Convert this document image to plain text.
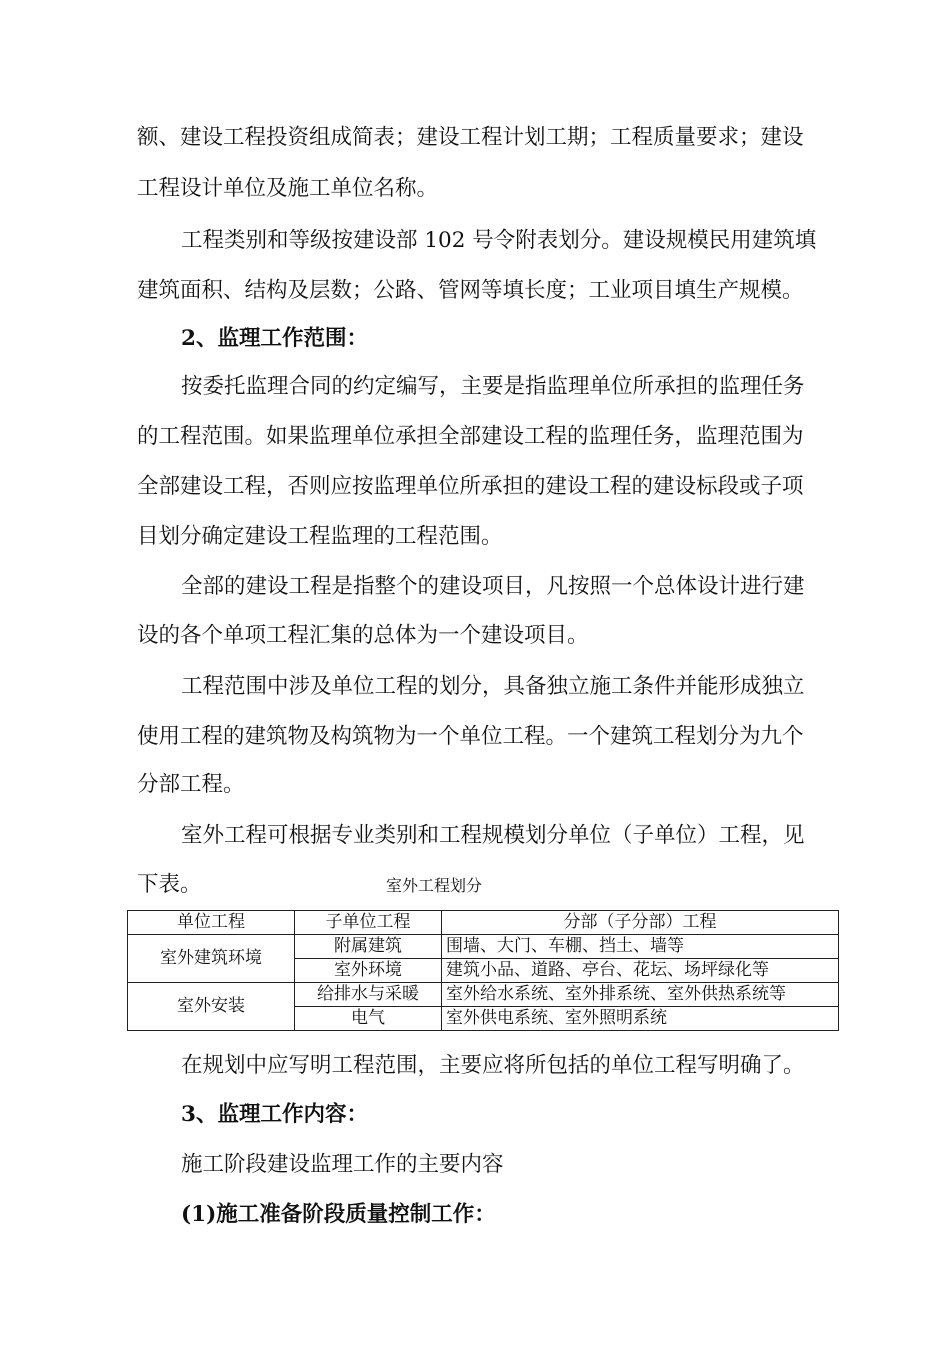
额、建设工程投资组成简表；建设工程计划工期；工程质量要求；建设
工程设计单位及施工单位名称。
工程类别和等级按建设部 102 号令附表划分。建设规模民用建筑填
建筑面积、结构及层数；公路、管网等填长度；工业项目填生产规模。
2、监理工作范围：
按委托监理合同的约定编写，主要是指监理单位所承担的监理任务
的工程范围。如果监理单位承担全部建设工程的监理任务，监理范围为
全部建设工程，否则应按监理单位所承担的建设工程的建设标段或子项
目划分确定建设工程监理的工程范围。
全部的建设工程是指整个的建设项目，凡按照一个总体设计进行建
设的各个单项工程汇集的总体为一个建设项目。
工程范围中涉及单位工程的划分，具备独立施工条件并能形成独立
使用工程的建筑物及构筑物为一个单位工程。一个建筑工程划分为九个
分部工程。
室外工程可根据专业类别和工程规模划分单位（子单位）工程，见
下表。	室外工程划分
单位工程	子单位工程	分部（子分部）工程
室外建筑环境	附属建筑	围墙、大门、车棚、挡土、墙等
	室外环境	建筑小品、道路、亭台、花坛、场坪绿化等
室外安装	给排水与采暖	室外给水系统、室外排系统、室外供热系统等
	电气	室外供电系统、室外照明系统
在规划中应写明工程范围，主要应将所包括的单位工程写明确了。
3、监理工作内容：
施工阶段建设监理工作的主要内容
(1)施工准备阶段质量控制工作：
